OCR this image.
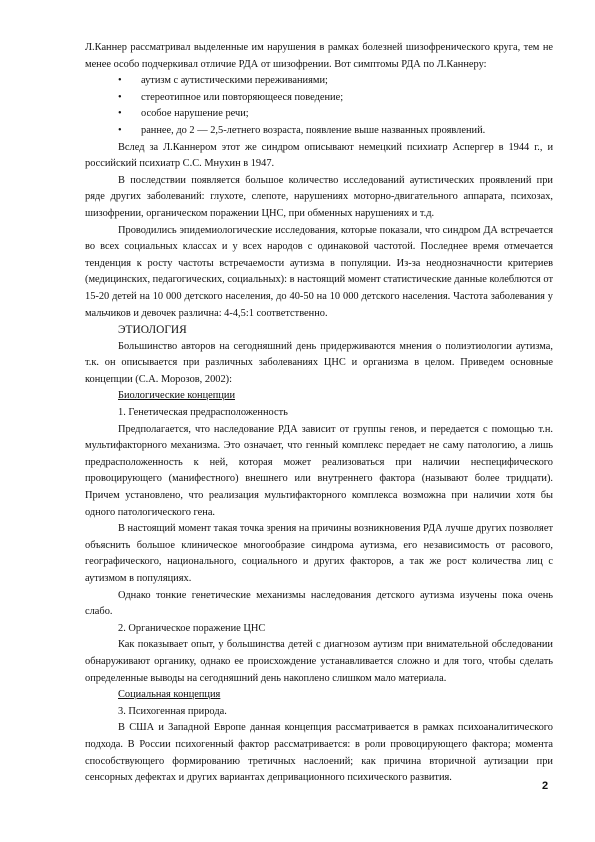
Л.Каннер рассматривал выделенные им нарушения в рамках болезней шизофренического круга, тем не менее особо подчеркивал отличие РДА от шизофрении. Вот симптомы РДА по Л.Каннеру:

• аутизм с аутистическими переживаниями;
• стереотипное или повторяющееся поведение;
• особое нарушение речи;
• раннее, до 2 — 2,5-летнего возраста, появление выше названных проявлений.

Вслед за Л.Каннером этот же синдром описывают немецкий психиатр Аспергер в 1944 г., и российский психиатр С.С. Мнухин в 1947.

В последствии появляется большое количество исследований аутистических проявлений при ряде других заболеваний: глухоте, слепоте, нарушениях моторно-двигательного аппарата, психозах, шизофрении, органическом поражении ЦНС, при обменных нарушениях и т.д.

Проводились эпидемиологические исследования, которые показали, что синдром ДА встречается во всех социальных классах и у всех народов с одинаковой частотой. Последнее время отмечается тенденция к росту частоты встречаемости аутизма в популяции. Из-за неоднозначности критериев (медицинских, педагогических, социальных): в настоящий момент статистические данные колеблются от 15-20 детей на 10 000 детского населения, до 40-50 на 10 000 детского населения. Частота заболевания у мальчиков и девочек различна: 4-4,5:1 соответственно.

ЭТИОЛОГИЯ

Большинство авторов на сегодняшний день придерживаются мнения о полиэтиологии аутизма, т.к. он описывается при различных заболеваниях ЦНС и организма в целом. Приведем основные концепции (С.А. Морозов, 2002):

Биологические концепции

1. Генетическая предрасположенность

Предполагается, что наследование РДА зависит от группы генов, и передается с помощью т.н. мультифакторного механизма. Это означает, что генный комплекс передает не саму патологию, а лишь предрасположенность к ней, которая может реализоваться при наличии неспецифического провоцирующего (манифестного) внешнего или внутреннего фактора (называют более тридцати). Причем установлено, что реализация мультифакторного комплекса возможна при наличии хотя бы одного патологического гена.

В настоящий момент такая точка зрения на причины возникновения РДА лучше других позволяет объяснить большое клиническое многообразие синдрома аутизма, его независимость от расового, географического, национального, социального и других факторов, а так же рост количества лиц с аутизмом в популяциях.

Однако тонкие генетические механизмы наследования детского аутизма изучены пока очень слабо.

2. Органическое поражение ЦНС

Как показывает опыт, у большинства детей с диагнозом аутизм при внимательной обследовании обнаруживают органику, однако ее происхождение устанавливается сложно и для того, чтобы сделать определенные выводы на сегодняшний день накоплено слишком мало материала.

Социальная концепция

3. Психогенная природа.

В США и Западной Европе данная концепция рассматривается в рамках психоаналитического подхода. В России психогенный фактор рассматривается: в роли провоцирующего фактора; момента способствующего формированию третичных наслоений; как причина вторичной аутизации при сенсорных дефектах и других вариантах депривационного психического развития.

2
